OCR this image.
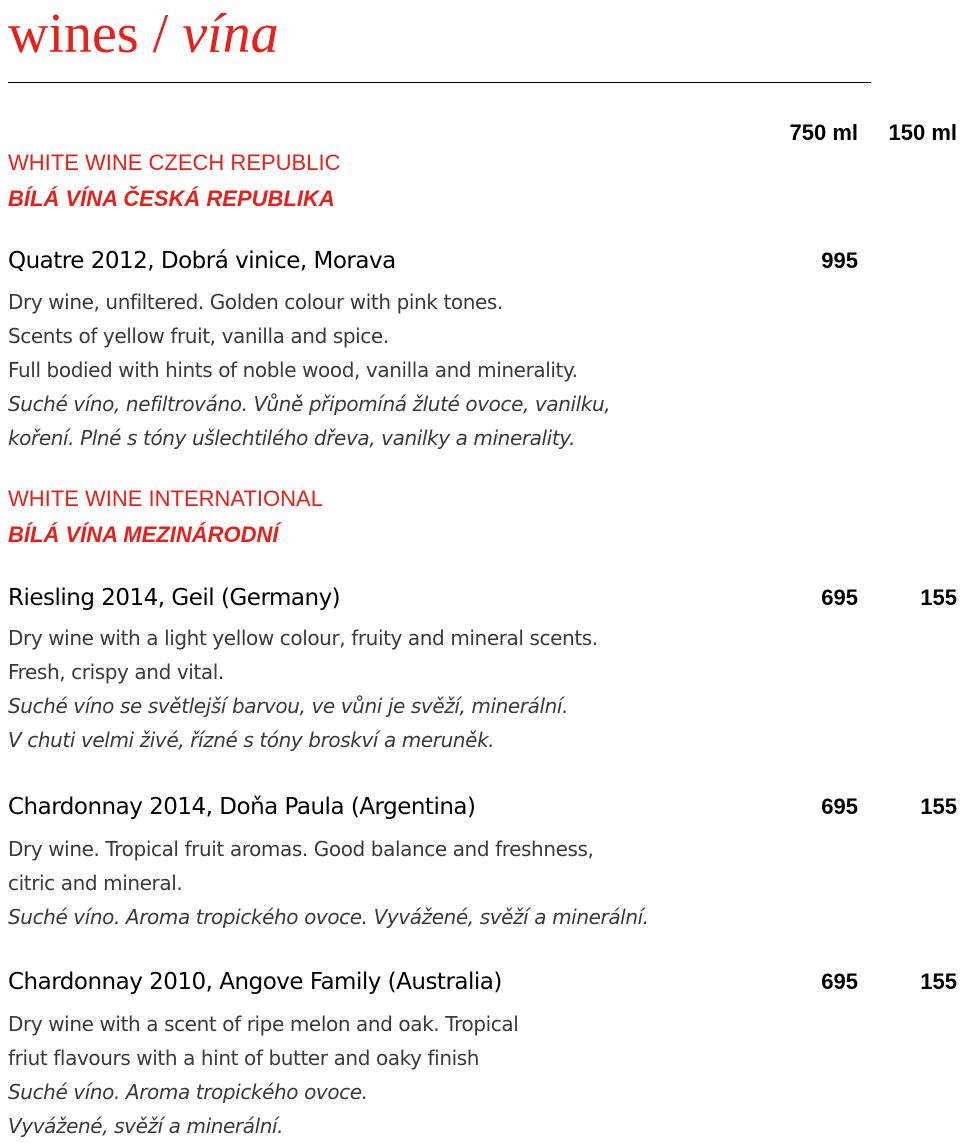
wines / vína
750 ml 150 ml
WHITE WINE CZECH REPUBLIC
BÍLÁ VÍNA ČESKÁ REPUBLIKA
Quatre 2012, Dobrá vinice, Morava	995
Dry wine, unfiltered. Golden colour with pink tones.
Scents of yellow fruit, vanilla and spice.
Full bodied with hints of noble wood, vanilla and minerality.
Suché víno, nefiltrováno. Vůně připomíná žluté ovoce, vanilku,
koření. Plné s tóny ušlechtilého dřeva, vanilky a minerality.
WHITE WINE INTERNATIONAL
BÍLÁ VÍNA MEZINÁRODNÍ
Riesling 2014, Geil (Germany)	695	155
Dry wine with a light yellow colour, fruity and mineral scents.
Fresh, crispy and vital.
Suché víno se světlejší barvou, ve vůni je svěží, minerální.
V chuti velmi živé, řízné s tóny broskví a meruněk.
Chardonnay 2014, Doňa Paula (Argentina)	695	155
Dry wine. Tropical fruit aromas. Good balance and freshness,
citric and mineral.
Suché víno. Aroma tropického ovoce. Vyvážené, svěží a minerální.
Chardonnay 2010, Angove Family (Australia)	695	155
Dry wine with a scent of ripe melon and oak. Tropical
friut flavours with a hint of butter and oaky finish
Suché víno. Aroma tropického ovoce.
Vyvážené, svěží a minerální.
